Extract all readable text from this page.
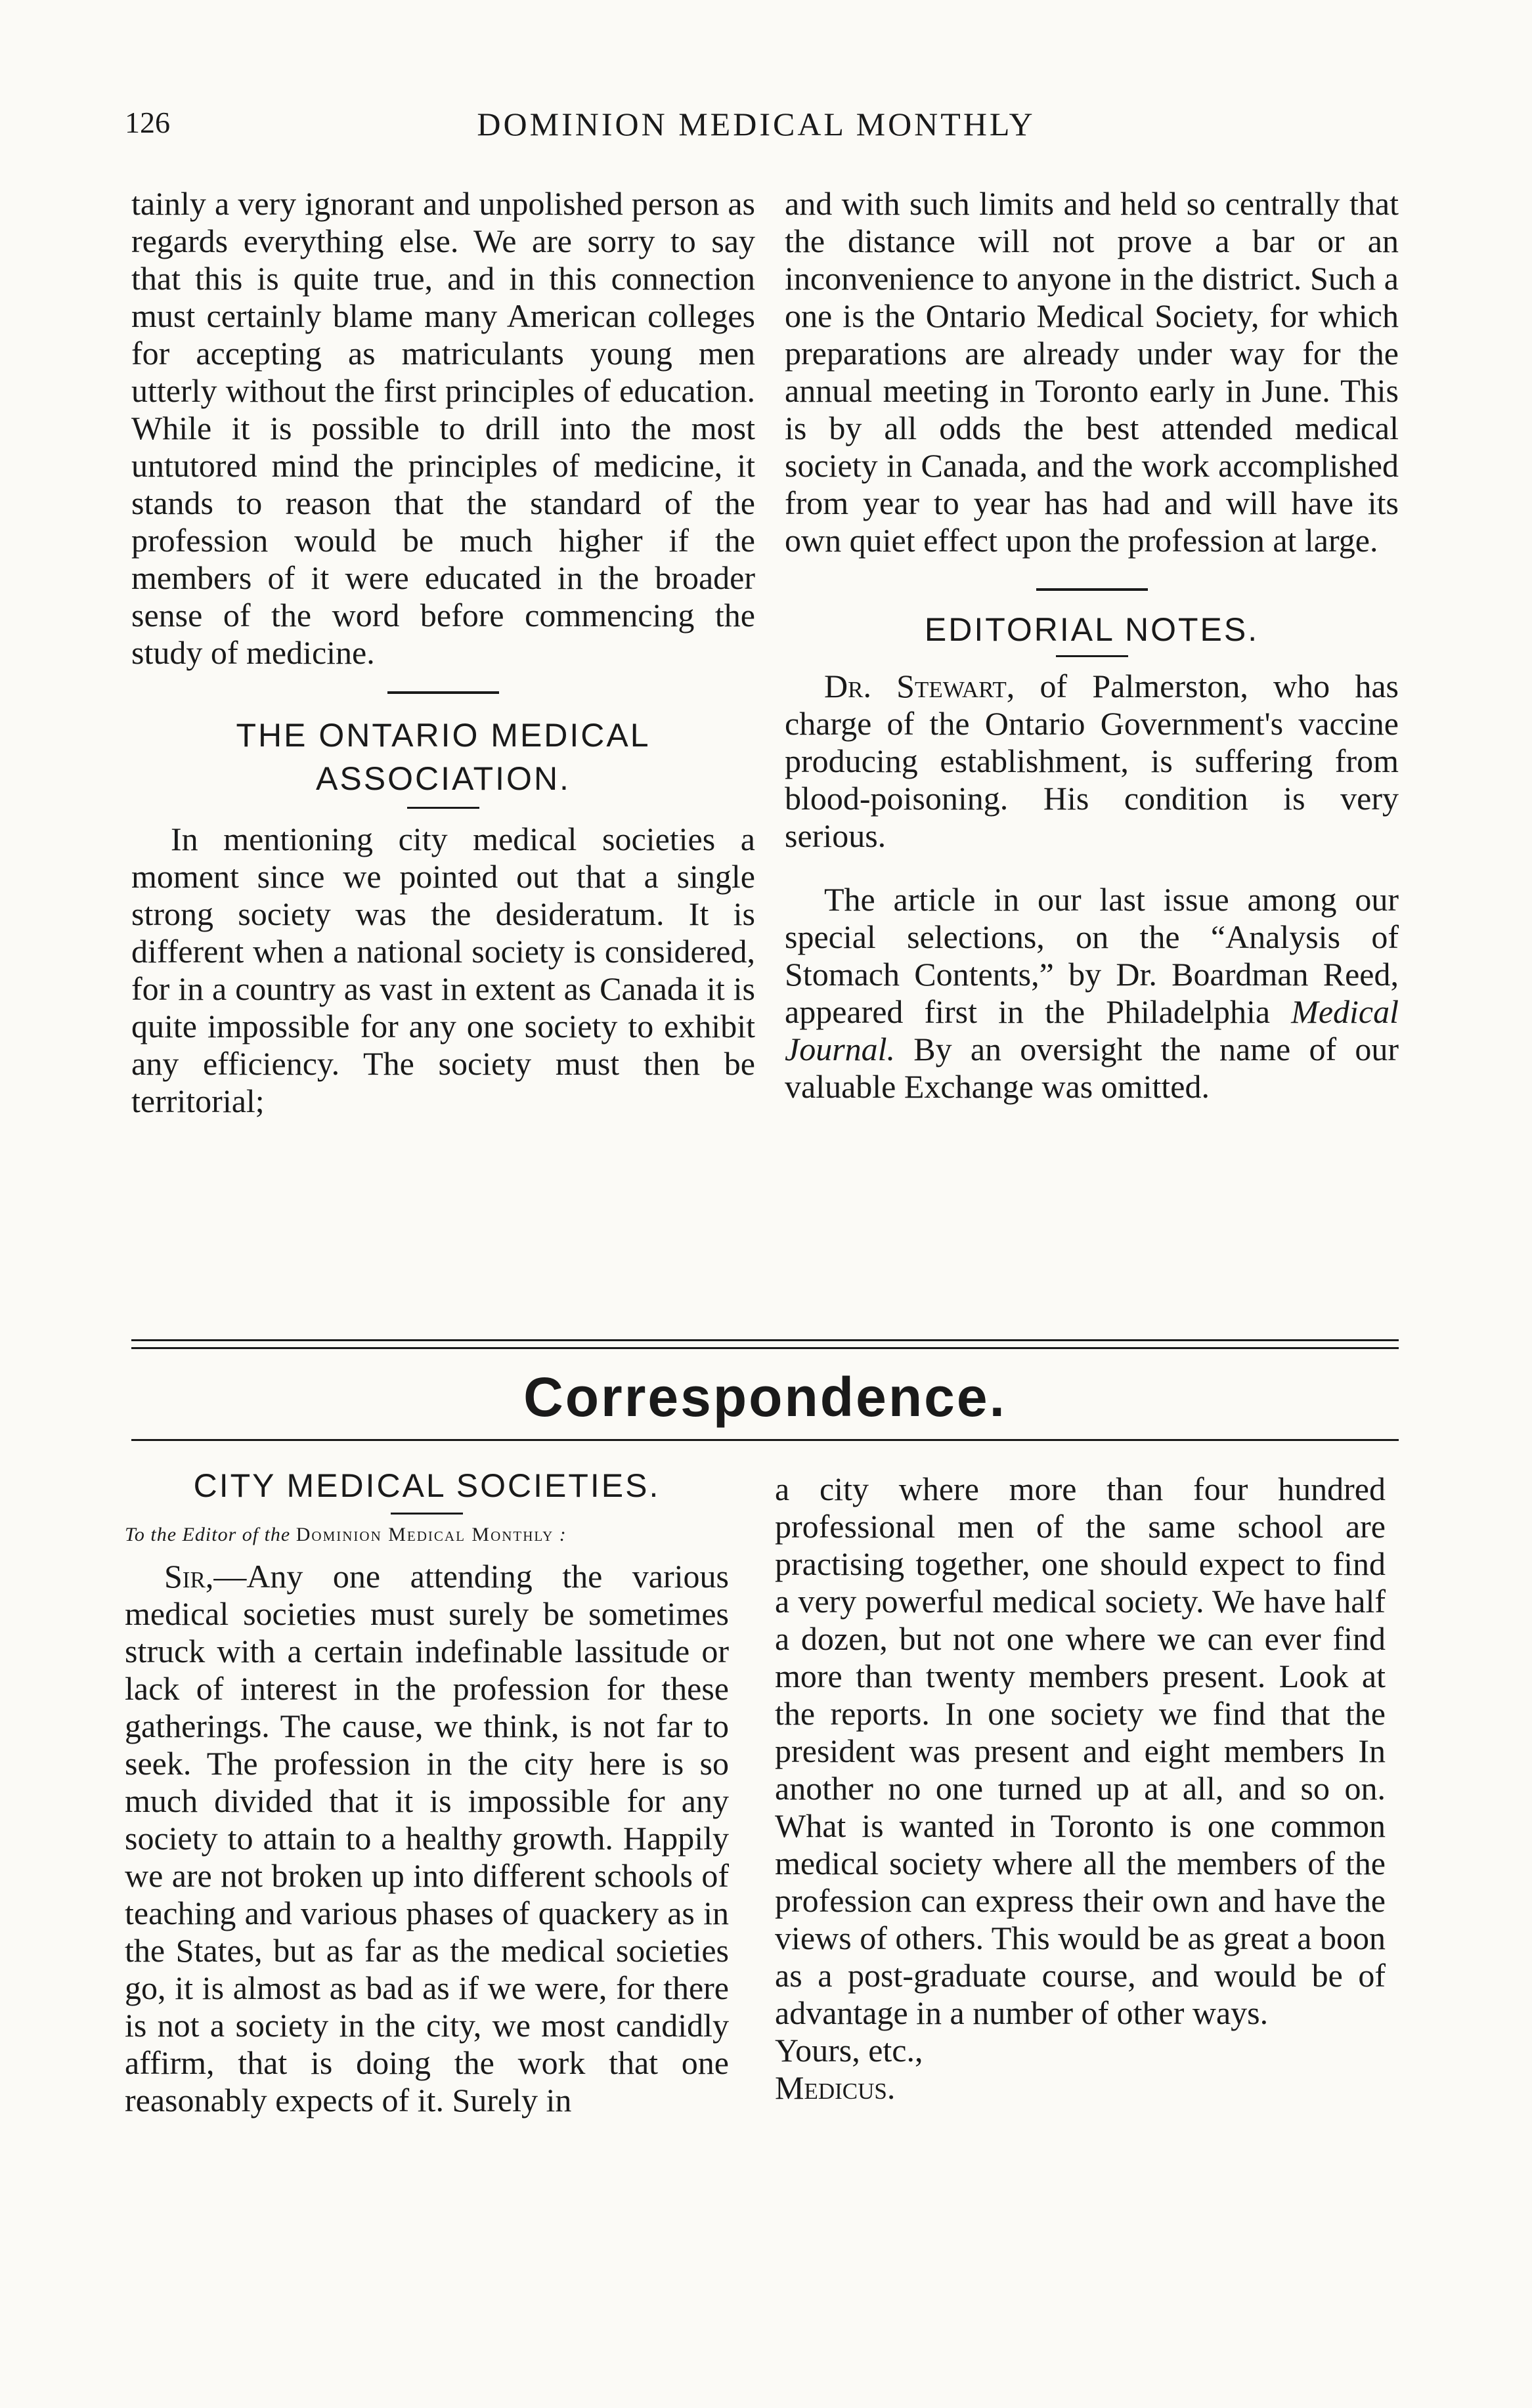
126	DOMINION MEDICAL MONTHLY

tainly a very ignorant and unpolished person as regards everything else. We are sorry to say that this is quite true, and in this connection must certainly blame many American colleges for accepting as matriculants young men utterly without the first principles of education. While it is possible to drill into the most untutored mind the principles of medicine, it stands to reason that the standard of the profession would be much higher if the members of it were educated in the broader sense of the word before commencing the study of medicine.

THE ONTARIO MEDICAL
ASSOCIATION.

In mentioning city medical societies a moment since we pointed out that a single strong society was the desideratum. It is different when a national society is considered, for in a country as vast in extent as Canada it is quite impossible for any one society to exhibit any efficiency. The society must then be territorial;

and with such limits and held so centrally that the distance will not prove a bar or an inconvenience to anyone in the district. Such a one is the Ontario Medical Society, for which preparations are already under way for the annual meeting in Toronto early in June. This is by all odds the best attended medical society in Canada, and the work accomplished from year to year has had and will have its own quiet effect upon the profession at large.

EDITORIAL NOTES.

Dr. Stewart, of Palmerston, who has charge of the Ontario Government's vaccine producing establishment, is suffering from blood-poisoning. His condition is very serious.

The article in our last issue among our special selections, on the “Analysis of Stomach Contents,” by Dr. Boardman Reed, appeared first in the Philadelphia Medical Journal. By an oversight the name of our valuable Exchange was omitted.

Correspondence.
CITY MEDICAL SOCIETIES.
To the Editor of the Dominion Medical Monthly :

Sir,—Any one attending the various medical societies must surely be sometimes struck with a certain indefinable lassitude or lack of interest in the profession for these gatherings. The cause, we think, is not far to seek. The profession in the city here is so much divided that it is impossible for any society to attain to a healthy growth. Happily we are not broken up into different schools of teaching and various phases of quackery as in the States, but as far as the medical societies go, it is almost as bad as if we were, for there is not a society in the city, we most candidly affirm, that is doing the work that one reasonably expects of it. Surely in

a city where more than four hundred professional men of the same school are practising together, one should expect to find a very powerful medical society. We have half a dozen, but not one where we can ever find more than twenty members present. Look at the reports. In one society we find that the president was present and eight members In another no one turned up at all, and so on. What is wanted in Toronto is one common medical society where all the members of the profession can express their own and have the views of others. This would be as great a boon as a post-graduate course, and would be of advantage in a number of other ways.

Yours, etc.,

Medicus.
